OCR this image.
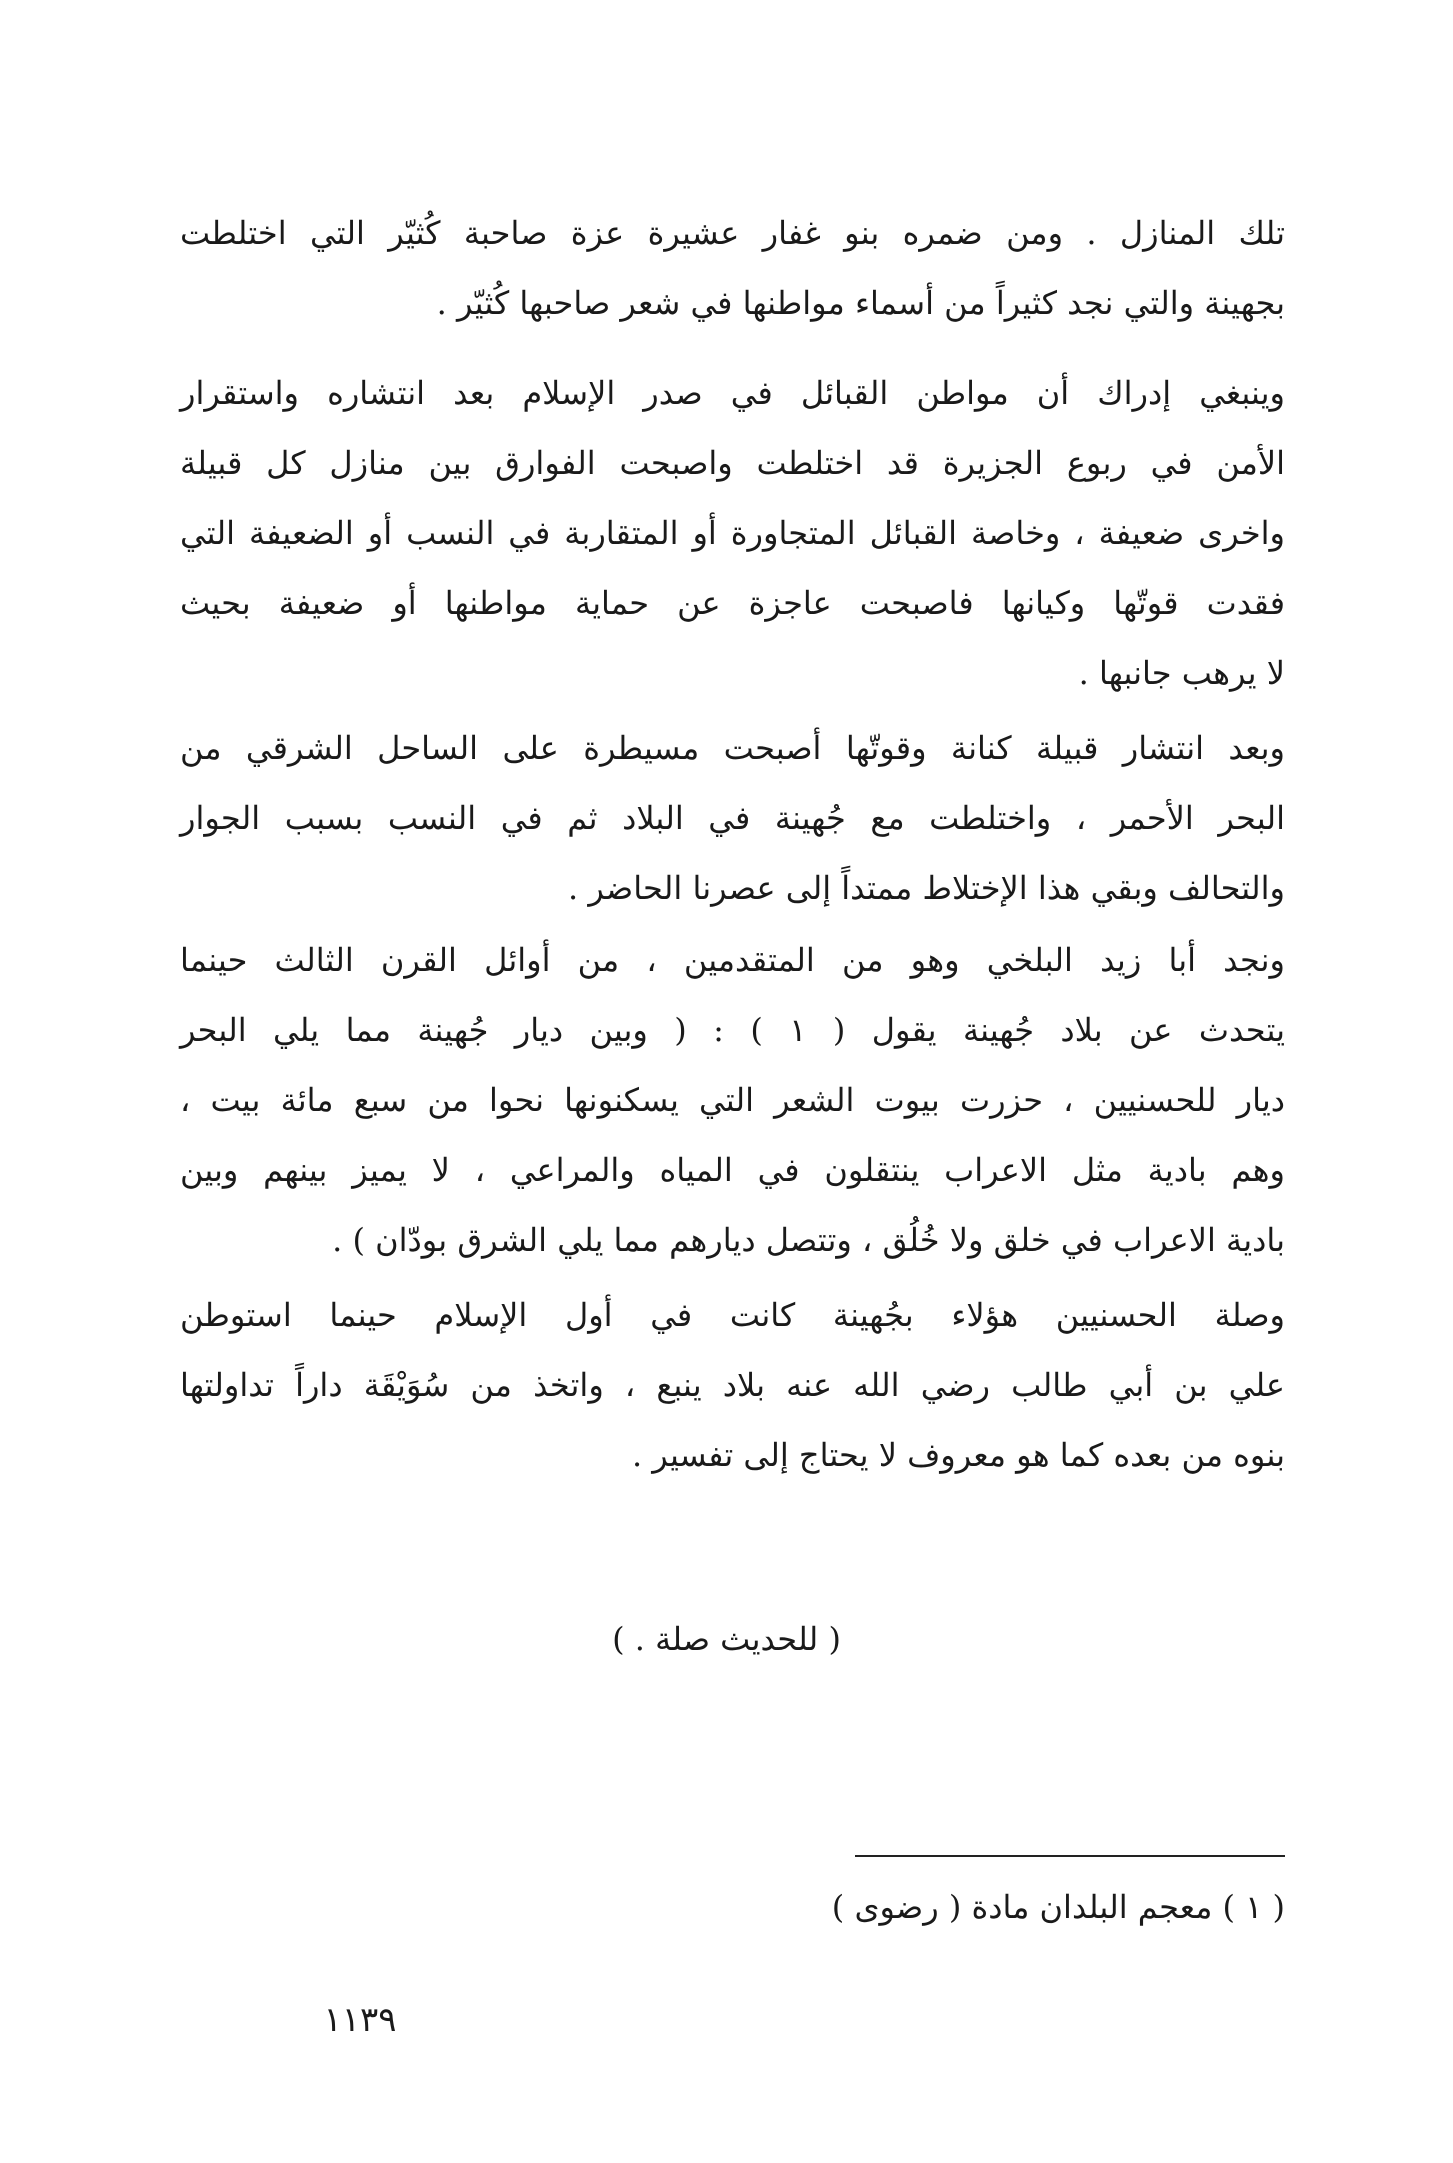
تلك المنازل . ومن ضمره بنو غفار عشيرة عزة صاحبة كُثيّر التي اختلطت
بجهينة والتي نجد كثيراً من أسماء مواطنها في شعر صاحبها كُثيّر .
وينبغي إدراك أن مواطن القبائل في صدر الإسلام بعد انتشاره واستقرار
الأمن في ربوع الجزيرة قد اختلطت واصبحت الفوارق بين منازل كل قبيلة
واخرى ضعيفة ، وخاصة القبائل المتجاورة أو المتقاربة في النسب أو الضعيفة التي
فقدت قوتّها وكيانها فاصبحت عاجزة عن حماية مواطنها أو ضعيفة بحيث
لا يرهب جانبها .
وبعد انتشار قبيلة كنانة وقوتّها أصبحت مسيطرة على الساحل الشرقي من
البحر الأحمر ، واختلطت مع جُهينة في البلاد ثم في النسب بسبب الجوار
والتحالف وبقي هذا الإختلاط ممتداً إلى عصرنا الحاضر .
ونجد أبا زيد البلخي وهو من المتقدمين ، من أوائل القرن الثالث حينما
يتحدث عن بلاد جُهينة يقول ( ١ ) : ( وبين ديار جُهينة مما يلي البحر
ديار للحسنيين ، حزرت بيوت الشعر التي يسكنونها نحوا من سبع مائة بيت ،
وهم بادية مثل الاعراب ينتقلون في المياه والمراعي ، لا يميز بينهم وبين
بادية الاعراب في خلق ولا خُلُق ، وتتصل ديارهم مما يلي الشرق بودّان ) .
وصلة الحسنيين هؤلاء بجُهينة كانت في أول الإسلام حينما استوطن
علي بن أبي طالب رضي الله عنه بلاد ينبع ، واتخذ من سُوَيْقَة داراً تداولتها
بنوه من بعده كما هو معروف لا يحتاج إلى تفسير .
( للحديث صلة . )
( ١ ) معجم البلدان مادة ( رضوى )
١١٣٩
